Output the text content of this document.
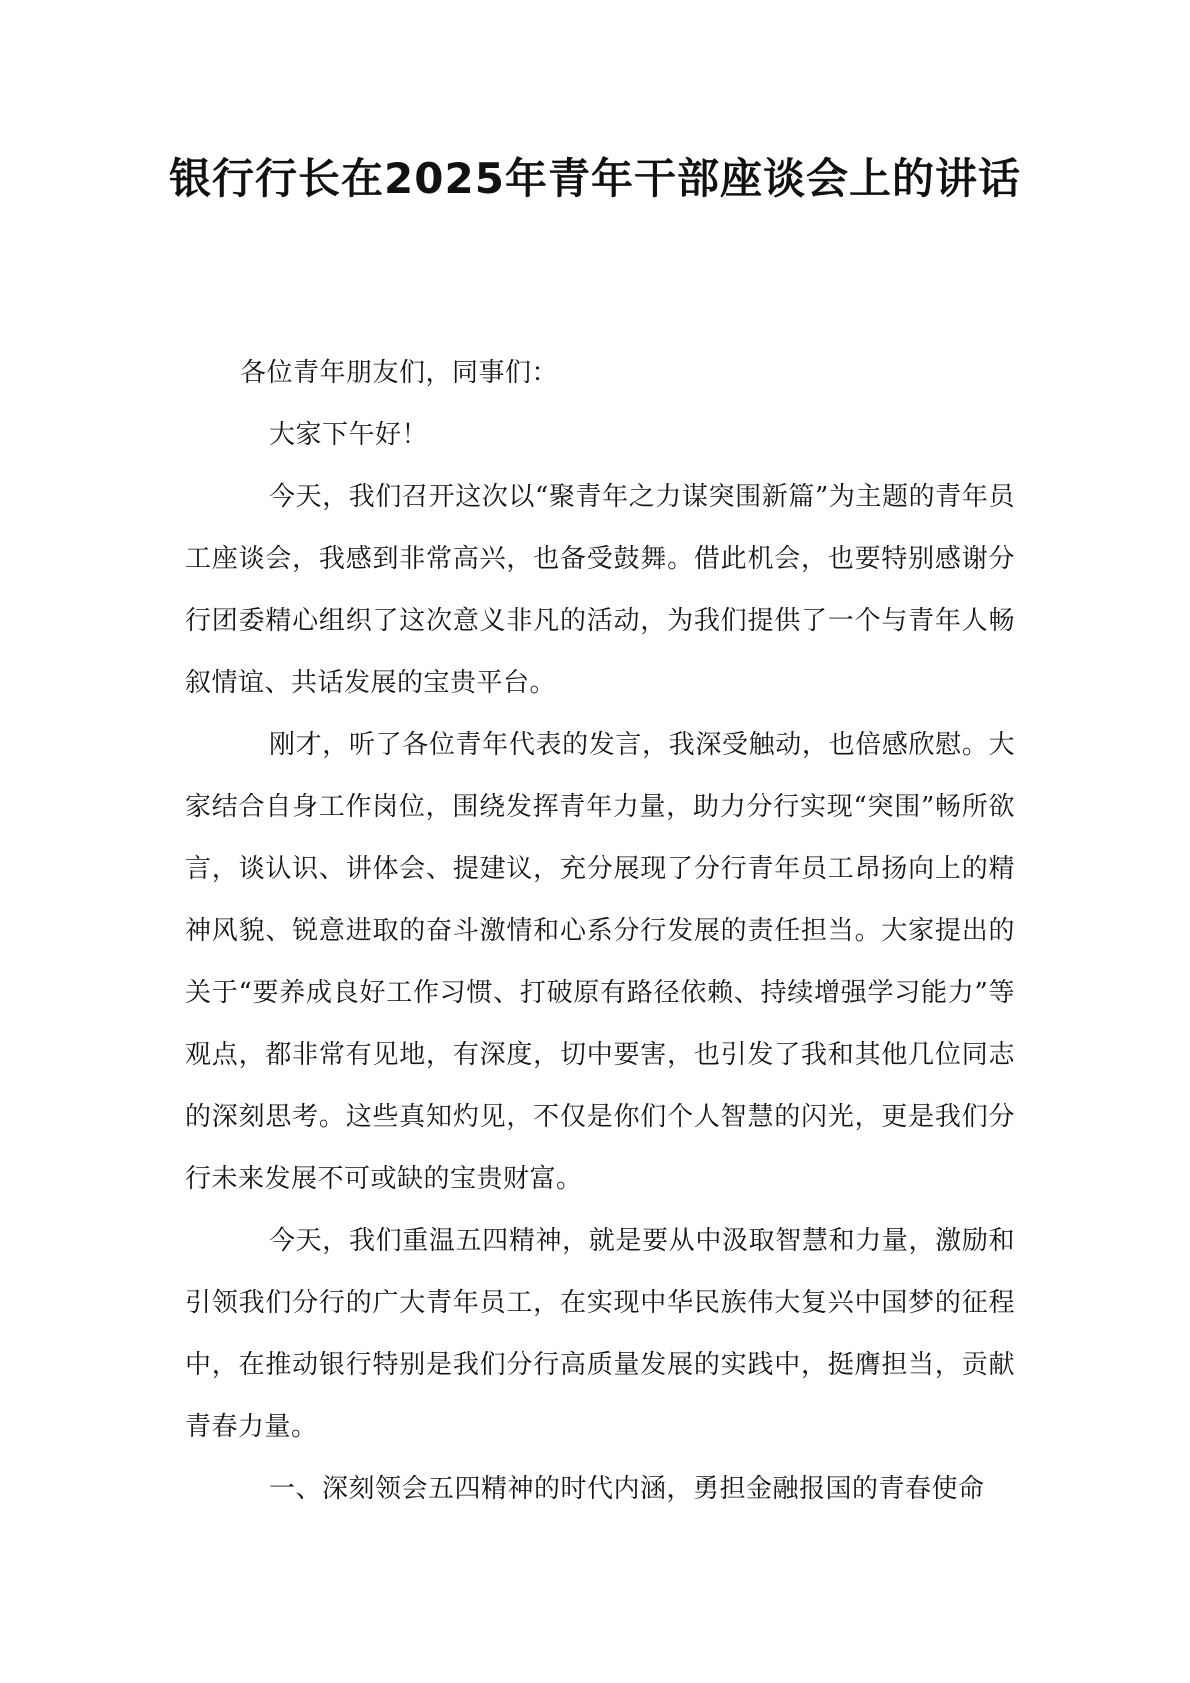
银行行长在2025年青年干部座谈会上的讲话

各位青年朋友们，同事们：

大家下午好！

今天，我们召开这次以“聚青年之力谋突围新篇”为主题的青年员工座谈会，我感到非常高兴，也备受鼓舞。借此机会，也要特别感谢分行团委精心组织了这次意义非凡的活动，为我们提供了一个与青年人畅叙情谊、共话发展的宝贵平台。

刚才，听了各位青年代表的发言，我深受触动，也倍感欣慰。大家结合自身工作岗位，围绕发挥青年力量，助力分行实现“突围”畅所欲言，谈认识、讲体会、提建议，充分展现了分行青年员工昂扬向上的精神风貌、锐意进取的奋斗激情和心系分行发展的责任担当。大家提出的关于“要养成良好工作习惯、打破原有路径依赖、持续增强学习能力”等观点，都非常有见地，有深度，切中要害，也引发了我和其他几位同志的深刻思考。这些真知灼见，不仅是你们个人智慧的闪光，更是我们分行未来发展不可或缺的宝贵财富。

今天，我们重温五四精神，就是要从中汲取智慧和力量，激励和引领我们分行的广大青年员工，在实现中华民族伟大复兴中国梦的征程中，在推动银行特别是我们分行高质量发展的实践中，挺膺担当，贡献青春力量。

一、深刻领会五四精神的时代内涵，勇担金融报国的青春使命
